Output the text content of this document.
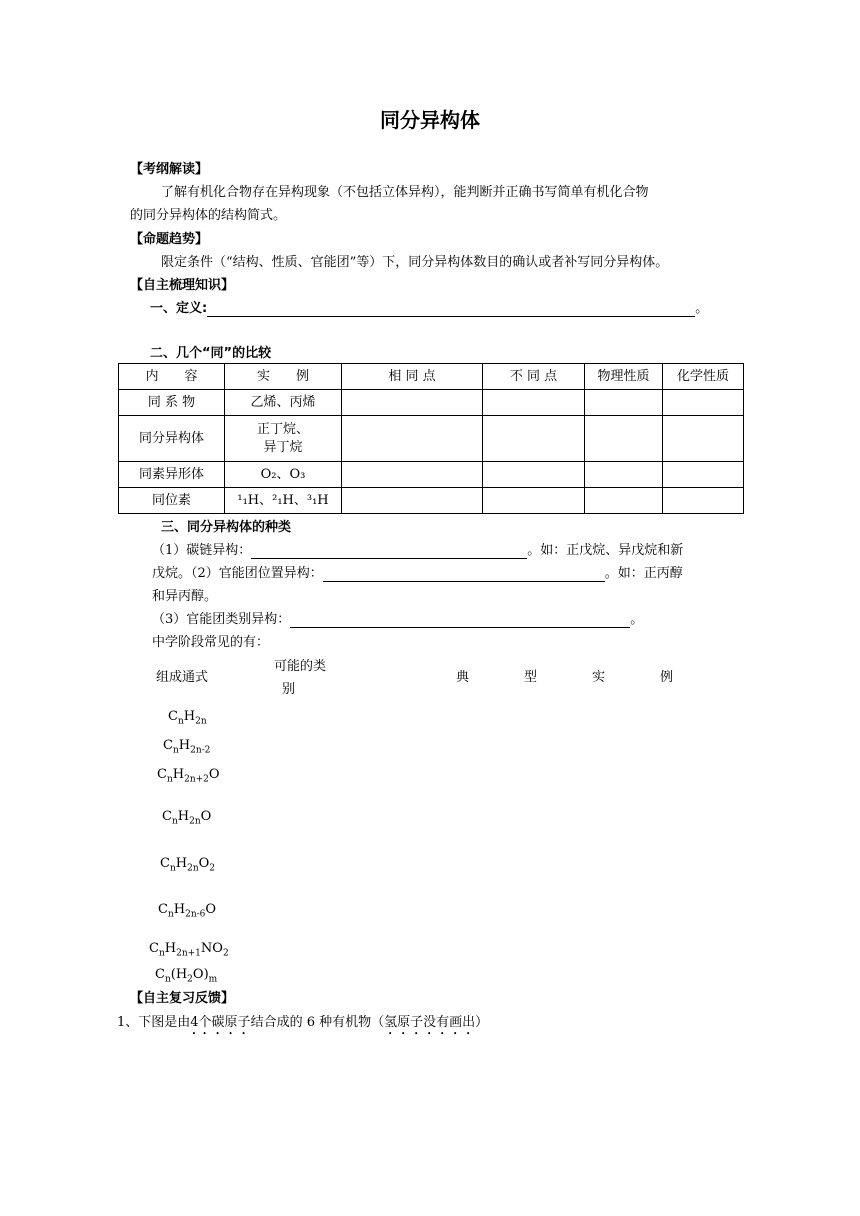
同分异构体
【考纲解读】
了解有机化合物存在异构现象（不包括立体异构），能判断并正确书写简单有机化合物
的同分异构体的结构简式。
【命题趋势】
限定条件（“结构、性质、官能团”等）下，同分异构体数目的确认或者补写同分异构体。
【自主梳理知识】
一、定义:	。
二、几个“同”的比较
内　　容	实　　例	相 同 点	不 同 点	物理性质	化学性质
同 系 物	乙烯、丙烯				
同分异构体	正丁烷、
异丁烷				

同素异形体	O₂、O₃				
同位素	¹₁H、²₁H、³₁H				
三、同分异构体的种类
（1）碳链异构：	。如：正戊烷、异戊烷和新
戊烷。（2）官能团位置异构：	。如：正丙醇
和异丙醇。
（3）官能团类别异构：	。
中学阶段常见的有：
组成通式
可能的类
别
典	型	实	例
$C_nH_{2n}$
$C_nH_{2n-2}$
$C_nH_{2n+2}O$
$C_nH_{2n}O$
$C_nH_{2n}O_2$
$C_nH_{2n-6}O$
$C_nH_{2n+1}NO_2$
$C_n(H_2O)_m$
【自主复习反馈】
1、下图是由4个碳原子结合成的 6 种有机物（氢原子没有画出）
